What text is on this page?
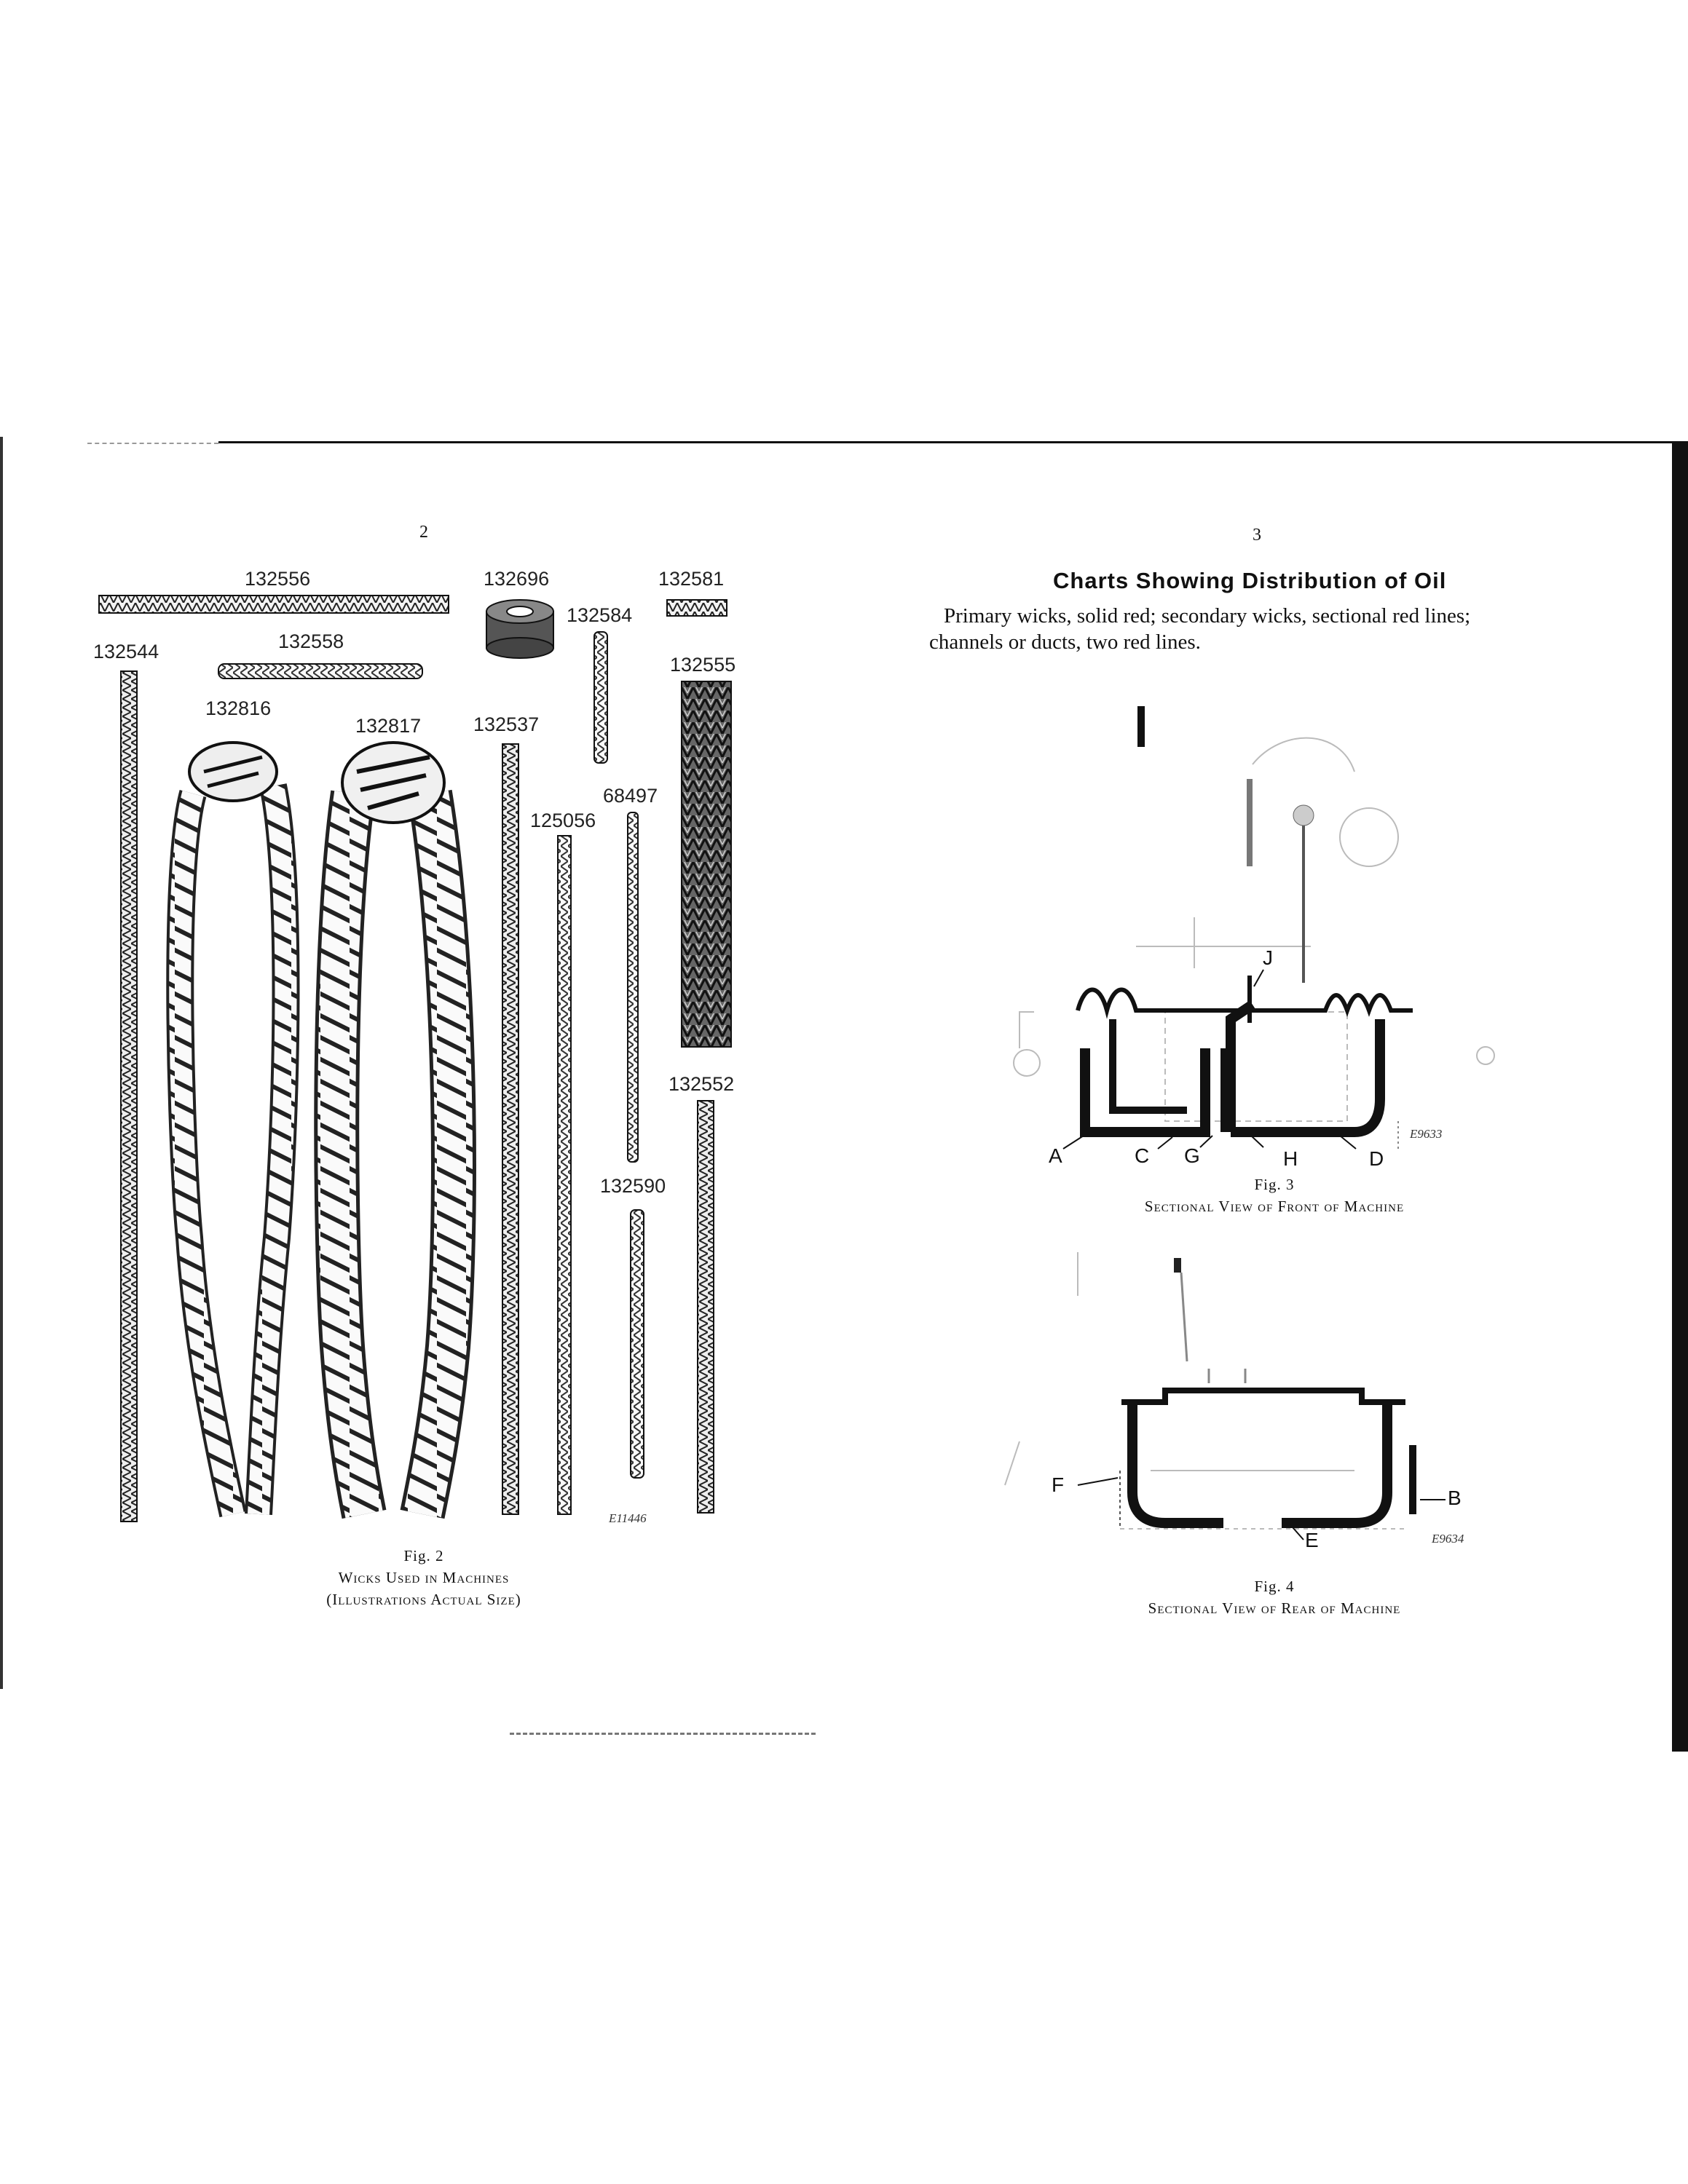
2
132556	132696	132581
132584
132544	132558
132555
132816
132817	132537
68497
125056
132552
132590
E11446
Fig. 2
Wicks Used in Machines
(Illustrations Actual Size)
3
Charts Showing Distribution of Oil
Primary wicks, solid red; secondary wicks, sectional red lines;
channels or ducts, two red lines.
A	C G	H	D
J
E9633
Fig. 3
Sectional View of Front of Machine
F
B
E	E9634
Fig. 4
Sectional View of Rear of Machine
